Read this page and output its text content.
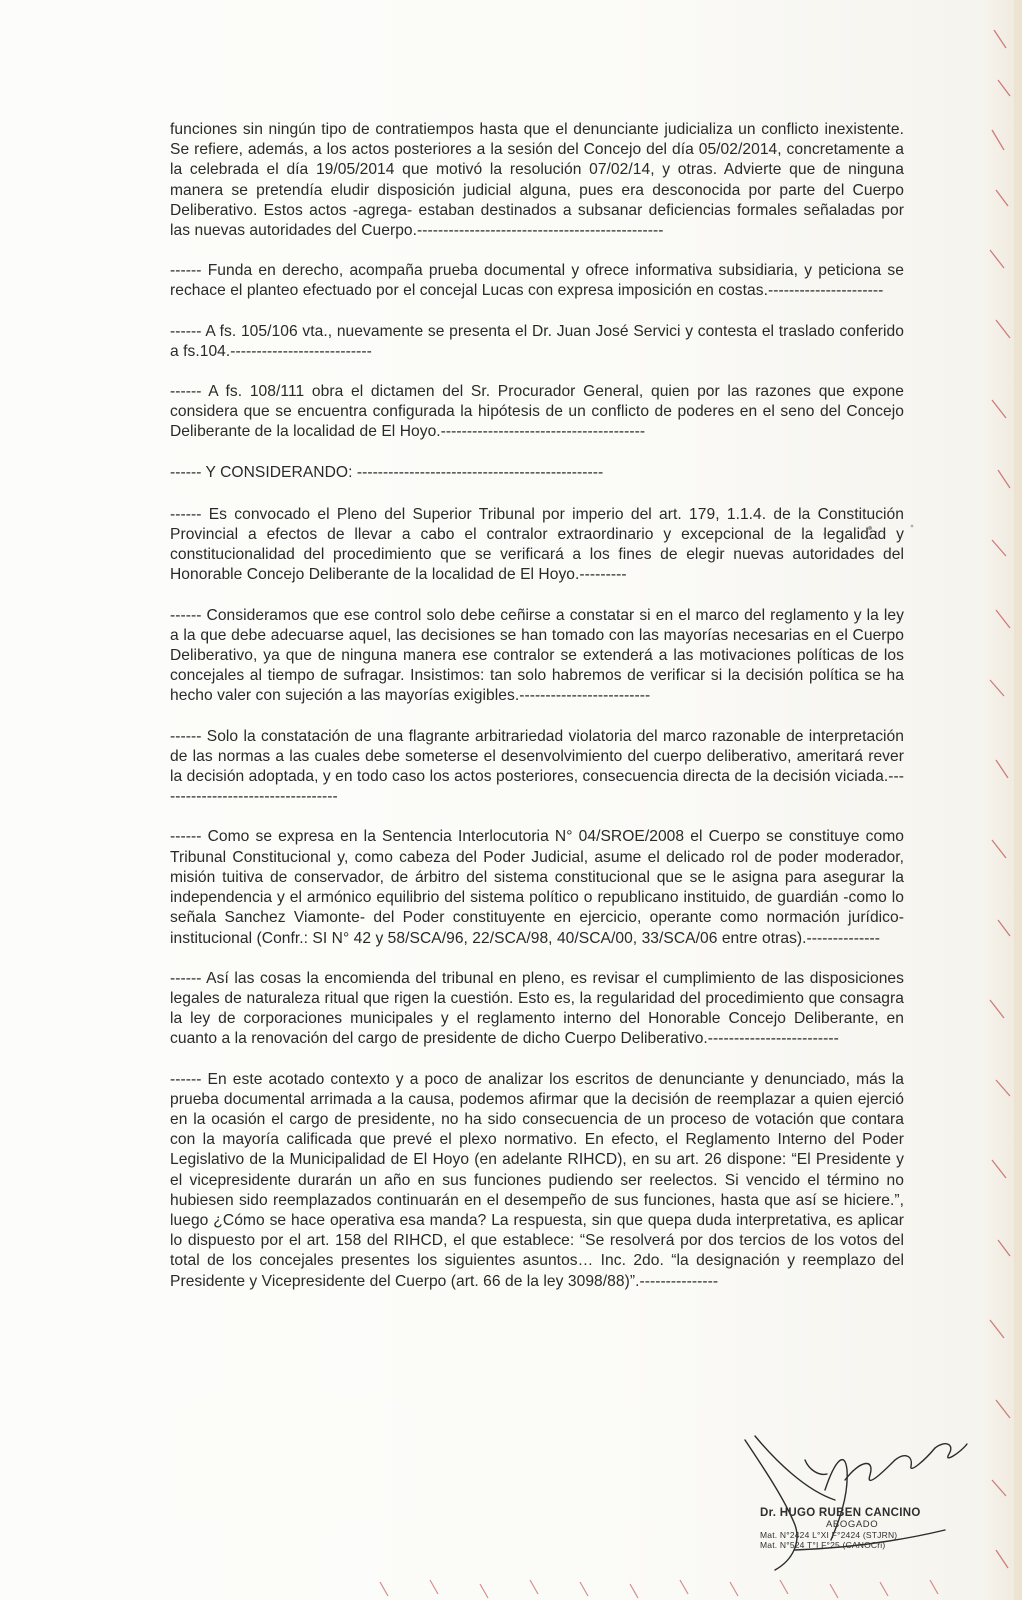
funciones sin ningún tipo de contratiempos hasta que el denunciante judicializa un conflicto inexistente. Se refiere, además, a los actos posteriores a la sesión del Concejo del día 05/02/2014, concretamente a la celebrada el día 19/05/2014 que motivó la resolución 07/02/14, y otras. Advierte que de ninguna manera se pretendía eludir disposición judicial alguna, pues era desconocida por parte del Cuerpo Deliberativo. Estos actos -agrega- estaban destinados a subsanar deficiencias formales señaladas por las nuevas autoridades del Cuerpo.-----------------------------------------------

------ Funda en derecho, acompaña prueba documental y ofrece informativa subsidiaria, y peticiona se rechace el planteo efectuado por el concejal Lucas con expresa imposición en costas.----------------------

------ A fs. 105/106 vta., nuevamente se presenta el Dr. Juan José Servici y contesta el traslado conferido a fs.104.---------------------------

------ A fs. 108/111 obra el dictamen del Sr. Procurador General, quien por las razones que expone considera que se encuentra configurada la hipótesis de un conflicto de poderes en el seno del Concejo Deliberante de la localidad de El Hoyo.---------------------------------------

------ Y CONSIDERANDO: -----------------------------------------------

------ Es convocado el Pleno del Superior Tribunal por imperio del art. 179, 1.1.4. de la Constitución Provincial a efectos de llevar a cabo el contralor extraordinario y excepcional de la legalidad y constitucionalidad del procedimiento que se verificará a los fines de elegir nuevas autoridades del Honorable Concejo Deliberante de la localidad de El Hoyo.---------

------ Consideramos que ese control solo debe ceñirse a constatar si en el marco del reglamento y la ley a la que debe adecuarse aquel, las decisiones se han tomado con las mayorías necesarias en el Cuerpo Deliberativo, ya que de ninguna manera ese contralor se extenderá a las motivaciones políticas de los concejales al tiempo de sufragar. Insistimos: tan solo habremos de verificar si la decisión política se ha hecho valer con sujeción a las mayorías exigibles.-------------------------

------ Solo la constatación de una flagrante arbitrariedad violatoria del marco razonable de interpretación de las normas a las cuales debe someterse el desenvolvimiento del cuerpo deliberativo, ameritará rever la decisión adoptada, y en todo caso los actos posteriores, consecuencia directa de la decisión viciada.-----------------------------------

------ Como se expresa en la Sentencia Interlocutoria N° 04/SROE/2008 el Cuerpo se constituye como Tribunal Constitucional y, como cabeza del Poder Judicial, asume el delicado rol de poder moderador, misión tuitiva de conservador, de árbitro del sistema constitucional que se le asigna para asegurar la independencia y el armónico equilibrio del sistema político o republicano instituido, de guardián -como lo señala Sanchez Viamonte- del Poder constituyente en ejercicio, operante como normación jurídico-institucional (Confr.: SI N° 42 y 58/SCA/96, 22/SCA/98, 40/SCA/00, 33/SCA/06 entre otras).--------------

------ Así las cosas la encomienda del tribunal en pleno, es revisar el cumplimiento de las disposiciones legales de naturaleza ritual que rigen la cuestión. Esto es, la regularidad del procedimiento que consagra la ley de corporaciones municipales y el reglamento interno del Honorable Concejo Deliberante, en cuanto a la renovación del cargo de presidente de dicho Cuerpo Deliberativo.-------------------------

------ En este acotado contexto y a poco de analizar los escritos de denunciante y denunciado, más la prueba documental arrimada a la causa, podemos afirmar que la decisión de reemplazar a quien ejerció en la ocasión el cargo de presidente, no ha sido consecuencia de un proceso de votación que contara con la mayoría calificada que prevé el plexo normativo. En efecto, el Reglamento Interno del Poder Legislativo de la Municipalidad de El Hoyo (en adelante RIHCD), en su art. 26 dispone: “El Presidente y el vicepresidente durarán un año en sus funciones pudiendo ser reelectos. Si vencido el término no hubiesen sido reemplazados continuarán en el desempeño de sus funciones, hasta que así se hiciere.”, luego ¿Cómo se hace operativa esa manda? La respuesta, sin que quepa duda interpretativa, es aplicar lo dispuesto por el art. 158 del RIHCD, el que establece: “Se resolverá por dos tercios de los votos del total de los concejales presentes los siguientes asuntos… Inc. 2do. “la designación y reemplazo del Presidente y Vicepresidente del Cuerpo (art. 66 de la ley 3098/88)”.---------------

Dr. HUGO RUBEN CANCINO
ABOGADO
Mat. N°2424 L°XI F°2424 (STJRN)
Mat. N°524 T°I F°25 (CANOCri)
